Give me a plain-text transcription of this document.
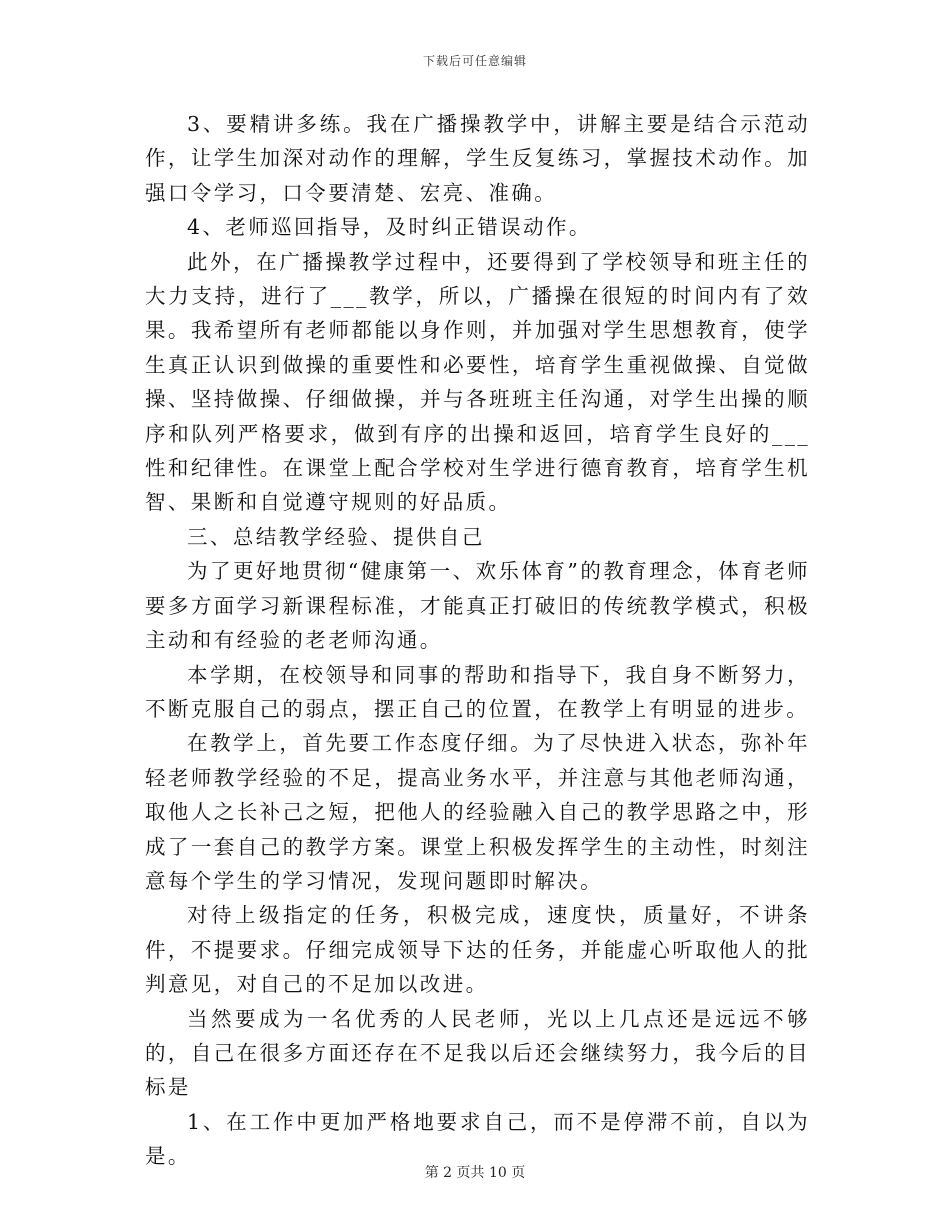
下载后可任意编辑

3、要精讲多练。我在广播操教学中，讲解主要是结合示范动作，让学生加深对动作的理解，学生反复练习，掌握技术动作。加强口令学习，口令要清楚、宏亮、准确。

4、老师巡回指导，及时纠正错误动作。

此外，在广播操教学过程中，还要得到了学校领导和班主任的大力支持，进行了___教学，所以，广播操在很短的时间内有了效果。我希望所有老师都能以身作则，并加强对学生思想教育，使学生真正认识到做操的重要性和必要性，培育学生重视做操、自觉做操、坚持做操、仔细做操，并与各班班主任沟通，对学生出操的顺序和队列严格要求，做到有序的出操和返回，培育学生良好的___性和纪律性。在课堂上配合学校对生学进行德育教育，培育学生机智、果断和自觉遵守规则的好品质。

三、总结教学经验、提供自己

为了更好地贯彻“健康第一、欢乐体育”的教育理念，体育老师要多方面学习新课程标准，才能真正打破旧的传统教学模式，积极主动和有经验的老老师沟通。

本学期，在校领导和同事的帮助和指导下，我自身不断努力，不断克服自己的弱点，摆正自己的位置，在教学上有明显的进步。

在教学上，首先要工作态度仔细。为了尽快进入状态，弥补年轻老师教学经验的不足，提高业务水平，并注意与其他老师沟通，取他人之长补己之短，把他人的经验融入自己的教学思路之中，形成了一套自己的教学方案。课堂上积极发挥学生的主动性，时刻注意每个学生的学习情况，发现问题即时解决。

对待上级指定的任务，积极完成，速度快，质量好，不讲条件，不提要求。仔细完成领导下达的任务，并能虚心听取他人的批判意见，对自己的不足加以改进。

当然要成为一名优秀的人民老师，光以上几点还是远远不够的，自己在很多方面还存在不足我以后还会继续努力，我今后的目标是

1、在工作中更加严格地要求自己，而不是停滞不前，自以为是。

第 2 页共 10 页
